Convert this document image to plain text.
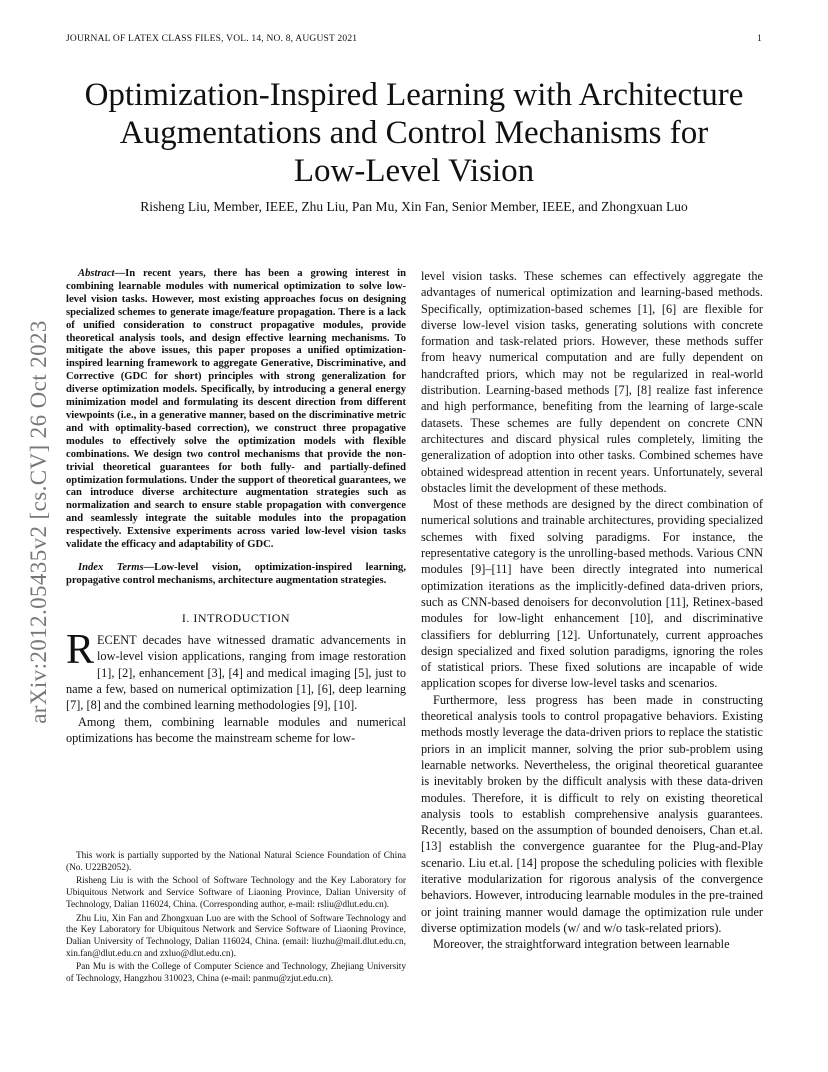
JOURNAL OF LATEX CLASS FILES, VOL. 14, NO. 8, AUGUST 2021	1
Optimization-Inspired Learning with Architecture
Augmentations and Control Mechanisms for
Low-Level Vision
Risheng Liu, Member, IEEE, Zhu Liu, Pan Mu, Xin Fan, Senior Member, IEEE, and Zhongxuan Luo
arXiv:2012.05435v2 [cs.CV] 26 Oct 2023

Abstract—In recent years, there has been a growing interest in combining learnable modules with numerical optimization to solve low-level vision tasks. However, most existing approaches focus on designing specialized schemes to generate image/feature propagation. There is a lack of unified consideration to construct propagative modules, provide theoretical analysis tools, and design effective learning mechanisms. To mitigate the above issues, this paper proposes a unified optimization-inspired learning framework to aggregate Generative, Discriminative, and Corrective (GDC for short) principles with strong generalization for diverse optimization models. Specifically, by introducing a general energy minimization model and formulating its descent direction from different viewpoints (i.e., in a generative manner, based on the discriminative metric and with optimality-based correction), we construct three propagative modules to effectively solve the optimization models with flexible combinations. We design two control mechanisms that provide the non-trivial theoretical guarantees for both fully- and partially-defined optimization formulations. Under the support of theoretical guarantees, we can introduce diverse architecture augmentation strategies such as normalization and search to ensure stable propagation with convergence and seamlessly integrate the suitable modules into the propagation respectively. Extensive experiments across varied low-level vision tasks validate the efficacy and adaptability of GDC.

Index Terms—Low-level vision, optimization-inspired learning, propagative control mechanisms, architecture augmentation strategies.

I. INTRODUCTION

RECENT decades have witnessed dramatic advancements in low-level vision applications, ranging from image restoration [1], [2], enhancement [3], [4] and medical imaging [5], just to name a few, based on numerical optimization [1], [6], deep learning [7], [8] and the combined learning methodologies [9], [10].

Among them, combining learnable modules and numerical optimizations has become the mainstream scheme for low-

This work is partially supported by the National Natural Science Foundation of China (No. U22B2052).

Risheng Liu is with the School of Software Technology and the Key Laboratory for Ubiquitous Network and Service Software of Liaoning Province, Dalian University of Technology, Dalian 116024, China. (Corresponding author, e-mail: rsliu@dlut.edu.cn).

Zhu Liu, Xin Fan and Zhongxuan Luo are with the School of Software Technology and the Key Laboratory for Ubiquitous Network and Service Software of Liaoning Province, Dalian University of Technology, Dalian 116024, China. (email: liuzhu@mail.dlut.edu.cn, xin.fan@dlut.edu.cn and zxluo@dlut.edu.cn).

Pan Mu is with the College of Computer Science and Technology, Zhejiang University of Technology, Hangzhou 310023, China (e-mail: panmu@zjut.edu.cn).

level vision tasks. These schemes can effectively aggregate the advantages of numerical optimization and learning-based methods. Specifically, optimization-based schemes [1], [6] are flexible for diverse low-level vision tasks, generating solutions with concrete formation and task-related priors. However, these methods suffer from heavy numerical computation and are fully dependent on handcrafted priors, which may not be regularized in real-world distribution. Learning-based methods [7], [8] realize fast inference and high performance, benefiting from the learning of large-scale datasets. These schemes are fully dependent on concrete CNN architectures and discard physical rules completely, limiting the generalization of adoption into other tasks. Combined schemes have obtained widespread attention in recent years. Unfortunately, several obstacles limit the development of these methods.

Most of these methods are designed by the direct combination of numerical solutions and trainable architectures, providing specialized schemes with fixed solving paradigms. For instance, the representative category is the unrolling-based methods. Various CNN modules [9]–[11] have been directly integrated into numerical optimization iterations as the implicitly-defined data-driven priors, such as CNN-based denoisers for deconvolution [11], Retinex-based modules for low-light enhancement [10], and discriminative classifiers for deblurring [12]. Unfortunately, current approaches design specialized and fixed solution paradigms, ignoring the roles of statistical priors. These fixed solutions are incapable of wide application scopes for diverse low-level tasks and scenarios.

Furthermore, less progress has been made in constructing theoretical analysis tools to control propagative behaviors. Existing methods mostly leverage the data-driven priors to replace the statistic priors in an implicit manner, solving the prior sub-problem using learnable networks. Nevertheless, the original theoretical guarantee is inevitably broken by the difficult analysis with these data-driven modules. Therefore, it is difficult to rely on existing theoretical analysis tools to establish comprehensive analysis guarantees. Recently, based on the assumption of bounded denoisers, Chan et.al. [13] establish the convergence guarantee for the Plug-and-Play scenario. Liu et.al. [14] propose the scheduling policies with flexible iterative modularization for rigorous analysis of the convergence behaviors. However, introducing learnable modules in the pre-trained or joint training manner would damage the optimization rule under diverse optimization models (w/ and w/o task-related priors).

Moreover, the straightforward integration between learnable
